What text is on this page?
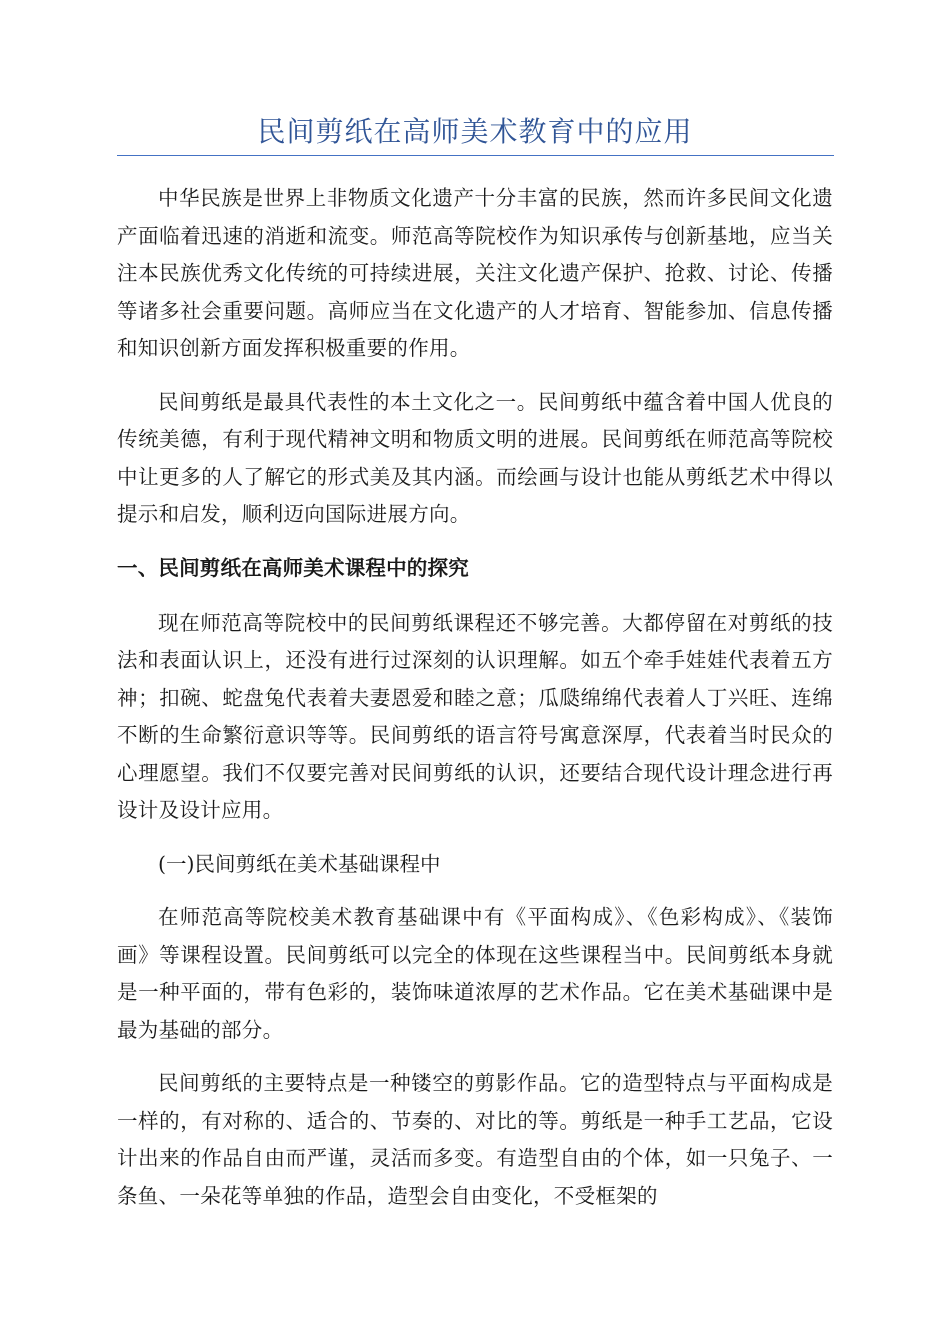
民间剪纸在高师美术教育中的应用

中华民族是世界上非物质文化遗产十分丰富的民族，然而许多民间文化遗产面临着迅速的消逝和流变。师范高等院校作为知识承传与创新基地，应当关注本民族优秀文化传统的可持续进展，关注文化遗产保护、抢救、讨论、传播等诸多社会重要问题。高师应当在文化遗产的人才培育、智能参加、信息传播和知识创新方面发挥积极重要的作用。

民间剪纸是最具代表性的本土文化之一。民间剪纸中蕴含着中国人优良的传统美德，有利于现代精神文明和物质文明的进展。民间剪纸在师范高等院校中让更多的人了解它的形式美及其内涵。而绘画与设计也能从剪纸艺术中得以提示和启发，顺利迈向国际进展方向。

一、民间剪纸在高师美术课程中的探究

现在师范高等院校中的民间剪纸课程还不够完善。大都停留在对剪纸的技法和表面认识上，还没有进行过深刻的认识理解。如五个牵手娃娃代表着五方神；扣碗、蛇盘兔代表着夫妻恩爱和睦之意；瓜瓞绵绵代表着人丁兴旺、连绵不断的生命繁衍意识等等。民间剪纸的语言符号寓意深厚，代表着当时民众的心理愿望。我们不仅要完善对民间剪纸的认识，还要结合现代设计理念进行再设计及设计应用。

(一)民间剪纸在美术基础课程中

在师范高等院校美术教育基础课中有《平面构成》、《色彩构成》、《装饰画》等课程设置。民间剪纸可以完全的体现在这些课程当中。民间剪纸本身就是一种平面的，带有色彩的，装饰味道浓厚的艺术作品。它在美术基础课中是最为基础的部分。

民间剪纸的主要特点是一种镂空的剪影作品。它的造型特点与平面构成是一样的，有对称的、适合的、节奏的、对比的等。剪纸是一种手工艺品，它设计出来的作品自由而严谨，灵活而多变。有造型自由的个体，如一只兔子、一条鱼、一朵花等单独的作品，造型会自由变化，不受框架的
